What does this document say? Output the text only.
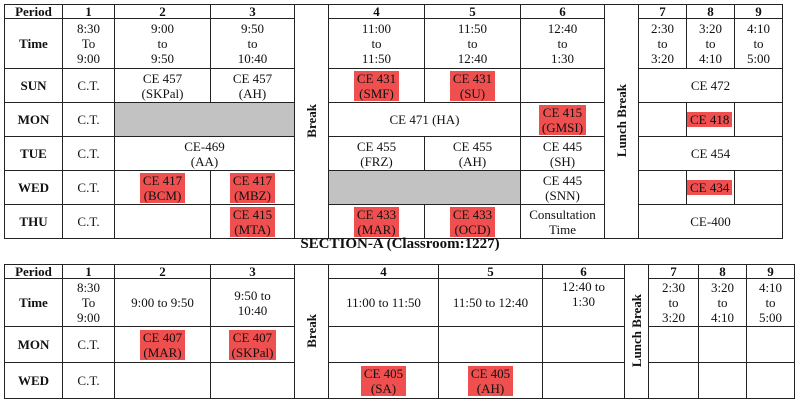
Period	1	2	3	Break	4	5	6	Lunch Break	7	8	9
Time	8:30
To
9:00	9:00
to
9:50	9:50
to
10:40		11:00
to
11:50	11:50
to
12:40	12:40
to
1:30		2:30
to
3:20	3:20
to
4:10	4:10
to
5:00
SUN	C.T.	CE 457
(SKPal)	CE 457
(AH)		CE 431
(SMF)	CE 431
(SU)			CE 472		
MON	C.T.				CE 471 (HA)		CE 415
(GMSI)			CE 418	
TUE	C.T.	CE-469
(AA)			CE 455
(FRZ)	CE 455
(AH)	CE 445
(SH)		CE 454		
WED	C.T.	CE 417
(BCM)	CE 417
(MBZ)				CE 445
(SNN)			CE 434	
THU	C.T.		CE 415
(MTA)		CE 433
(MAR)	CE 433
(OCD)	Consultation
Time		CE-400		
SECTION-A (Classroom:1227)
Period	1	2	3	Break	4	5	6	Lunch Break	7	8	9
Time	8:30
To
9:00	9:00 to 9:50	9:50 to
10:40		11:00 to 11:50	11:50 to 12:40	12:40 to
1:30		2:30
to
3:20	3:20
to
4:10	4:10
to
5:00
MON	C.T.	CE 407
(MAR)	CE 407
(SKPal)								
WED	C.T.				CE 405
(SA)	CE 405
(AH)					
